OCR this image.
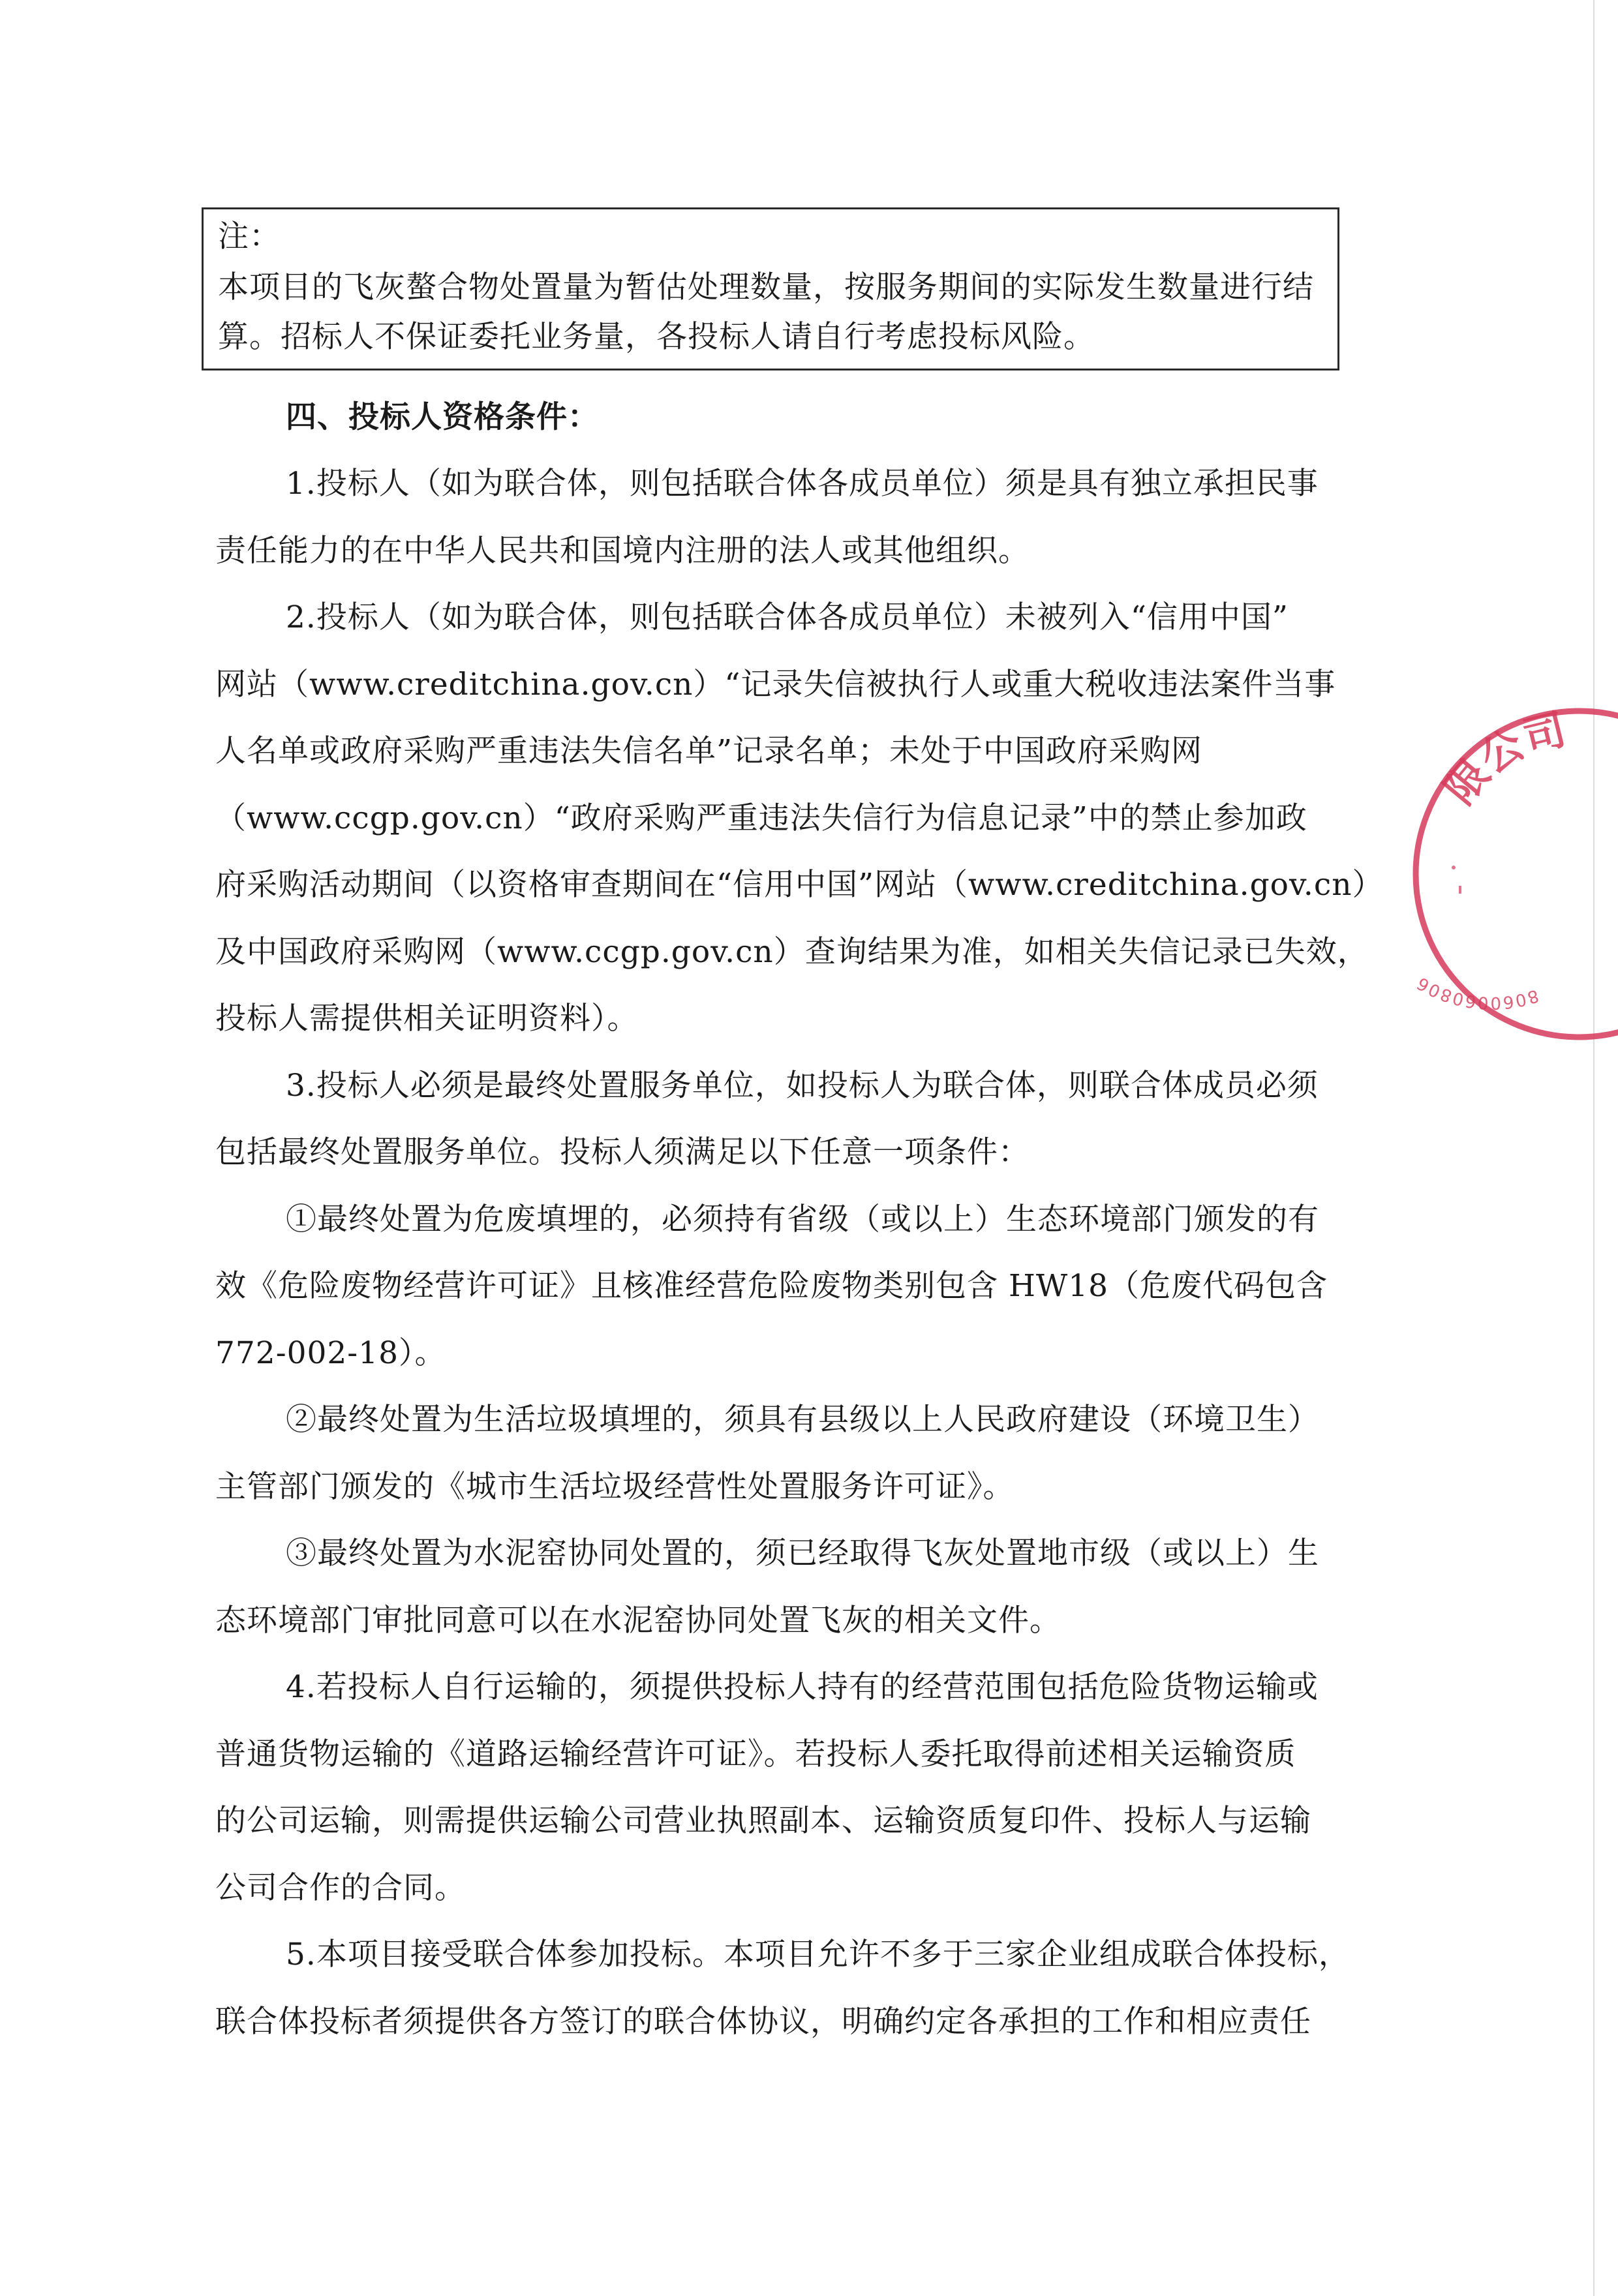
注：
本项目的飞灰螯合物处置量为暂估处理数量，按服务期间的实际发生数量进行结
算。招标人不保证委托业务量，各投标人请自行考虑投标风险。
四、投标人资格条件：
1.投标人（如为联合体，则包括联合体各成员单位）须是具有独立承担民事
责任能力的在中华人民共和国境内注册的法人或其他组织。
2.投标人（如为联合体，则包括联合体各成员单位）未被列入“信用中国”
网站（www.creditchina.gov.cn）“记录失信被执行人或重大税收违法案件当事
人名单或政府采购严重违法失信名单”记录名单；未处于中国政府采购网
（www.ccgp.gov.cn）“政府采购严重违法失信行为信息记录”中的禁止参加政
府采购活动期间（以资格审查期间在“信用中国”网站（www.creditchina.gov.cn）
及中国政府采购网（www.ccgp.gov.cn）查询结果为准，如相关失信记录已失效，
投标人需提供相关证明资料）。
3.投标人必须是最终处置服务单位，如投标人为联合体，则联合体成员必须
包括最终处置服务单位。投标人须满足以下任意一项条件：
①最终处置为危废填埋的，必须持有省级（或以上）生态环境部门颁发的有
效《危险废物经营许可证》且核准经营危险废物类别包含 HW18（危废代码包含
772-002-18）。
②最终处置为生活垃圾填埋的，须具有县级以上人民政府建设（环境卫生）
主管部门颁发的《城市生活垃圾经营性处置服务许可证》。
③最终处置为水泥窑协同处置的，须已经取得飞灰处置地市级（或以上）生
态环境部门审批同意可以在水泥窑协同处置飞灰的相关文件。
4.若投标人自行运输的，须提供投标人持有的经营范围包括危险货物运输或
普通货物运输的《道路运输经营许可证》。若投标人委托取得前述相关运输资质
的公司运输，则需提供运输公司营业执照副本、运输资质复印件、投标人与运输
公司合作的合同。
5.本项目接受联合体参加投标。本项目允许不多于三家企业组成联合体投标，
联合体投标者须提供各方签订的联合体协议，明确约定各承担的工作和相应责任
限公司
8060060806
